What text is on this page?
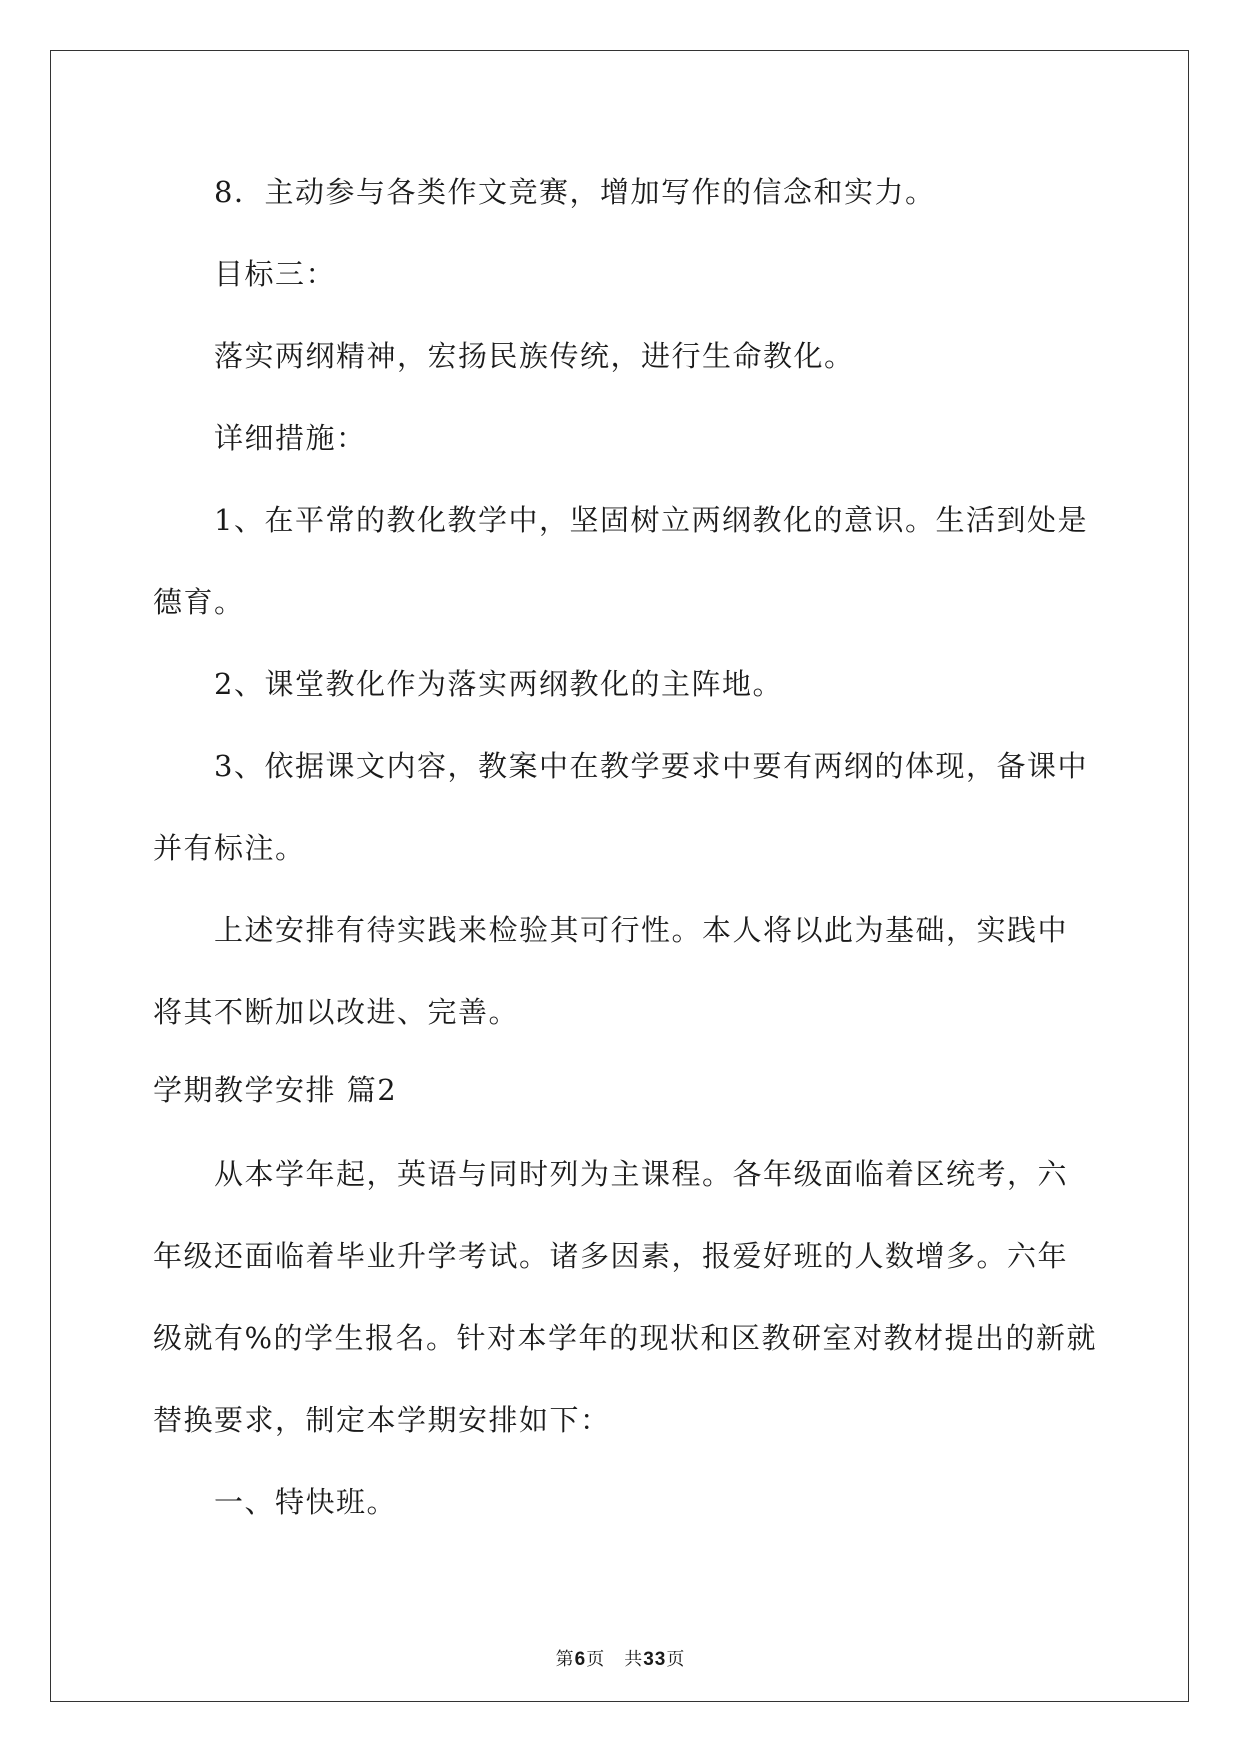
8．主动参与各类作文竞赛，增加写作的信念和实力。
目标三：
落实两纲精神，宏扬民族传统，进行生命教化。
详细措施：
1、在平常的教化教学中，坚固树立两纲教化的意识。生活到处是
德育。
2、课堂教化作为落实两纲教化的主阵地。
3、依据课文内容，教案中在教学要求中要有两纲的体现，备课中
并有标注。
上述安排有待实践来检验其可行性。本人将以此为基础，实践中
将其不断加以改进、完善。
学期教学安排 篇2
从本学年起，英语与同时列为主课程。各年级面临着区统考，六
年级还面临着毕业升学考试。诸多因素，报爱好班的人数增多。六年
级就有%的学生报名。针对本学年的现状和区教研室对教材提出的新就
替换要求，制定本学期安排如下：
一、特快班。
第6页　共33页
